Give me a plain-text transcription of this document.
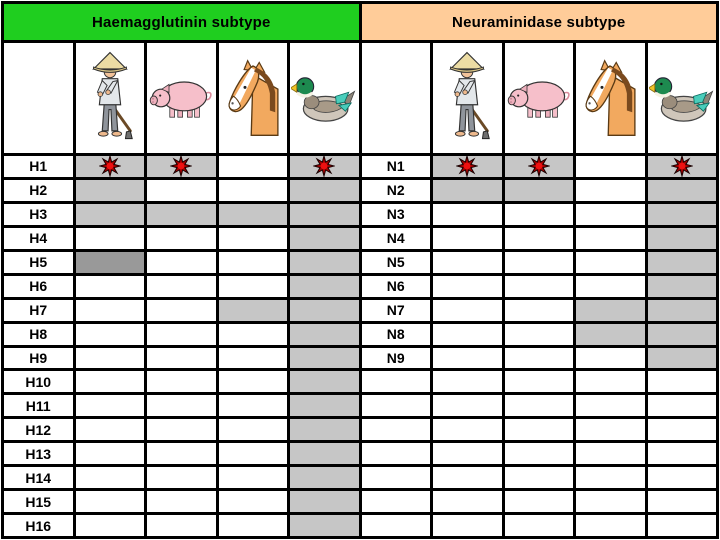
Haemagglutinin subtype	Neuraminidase subtype
H1	N1
H2	N2
H3	N3
H4	N4
H5	N5
H6	N6
H7	N7
H8	N8
H9	N9
H10
H11
H12
H13
H14
H15
H16
